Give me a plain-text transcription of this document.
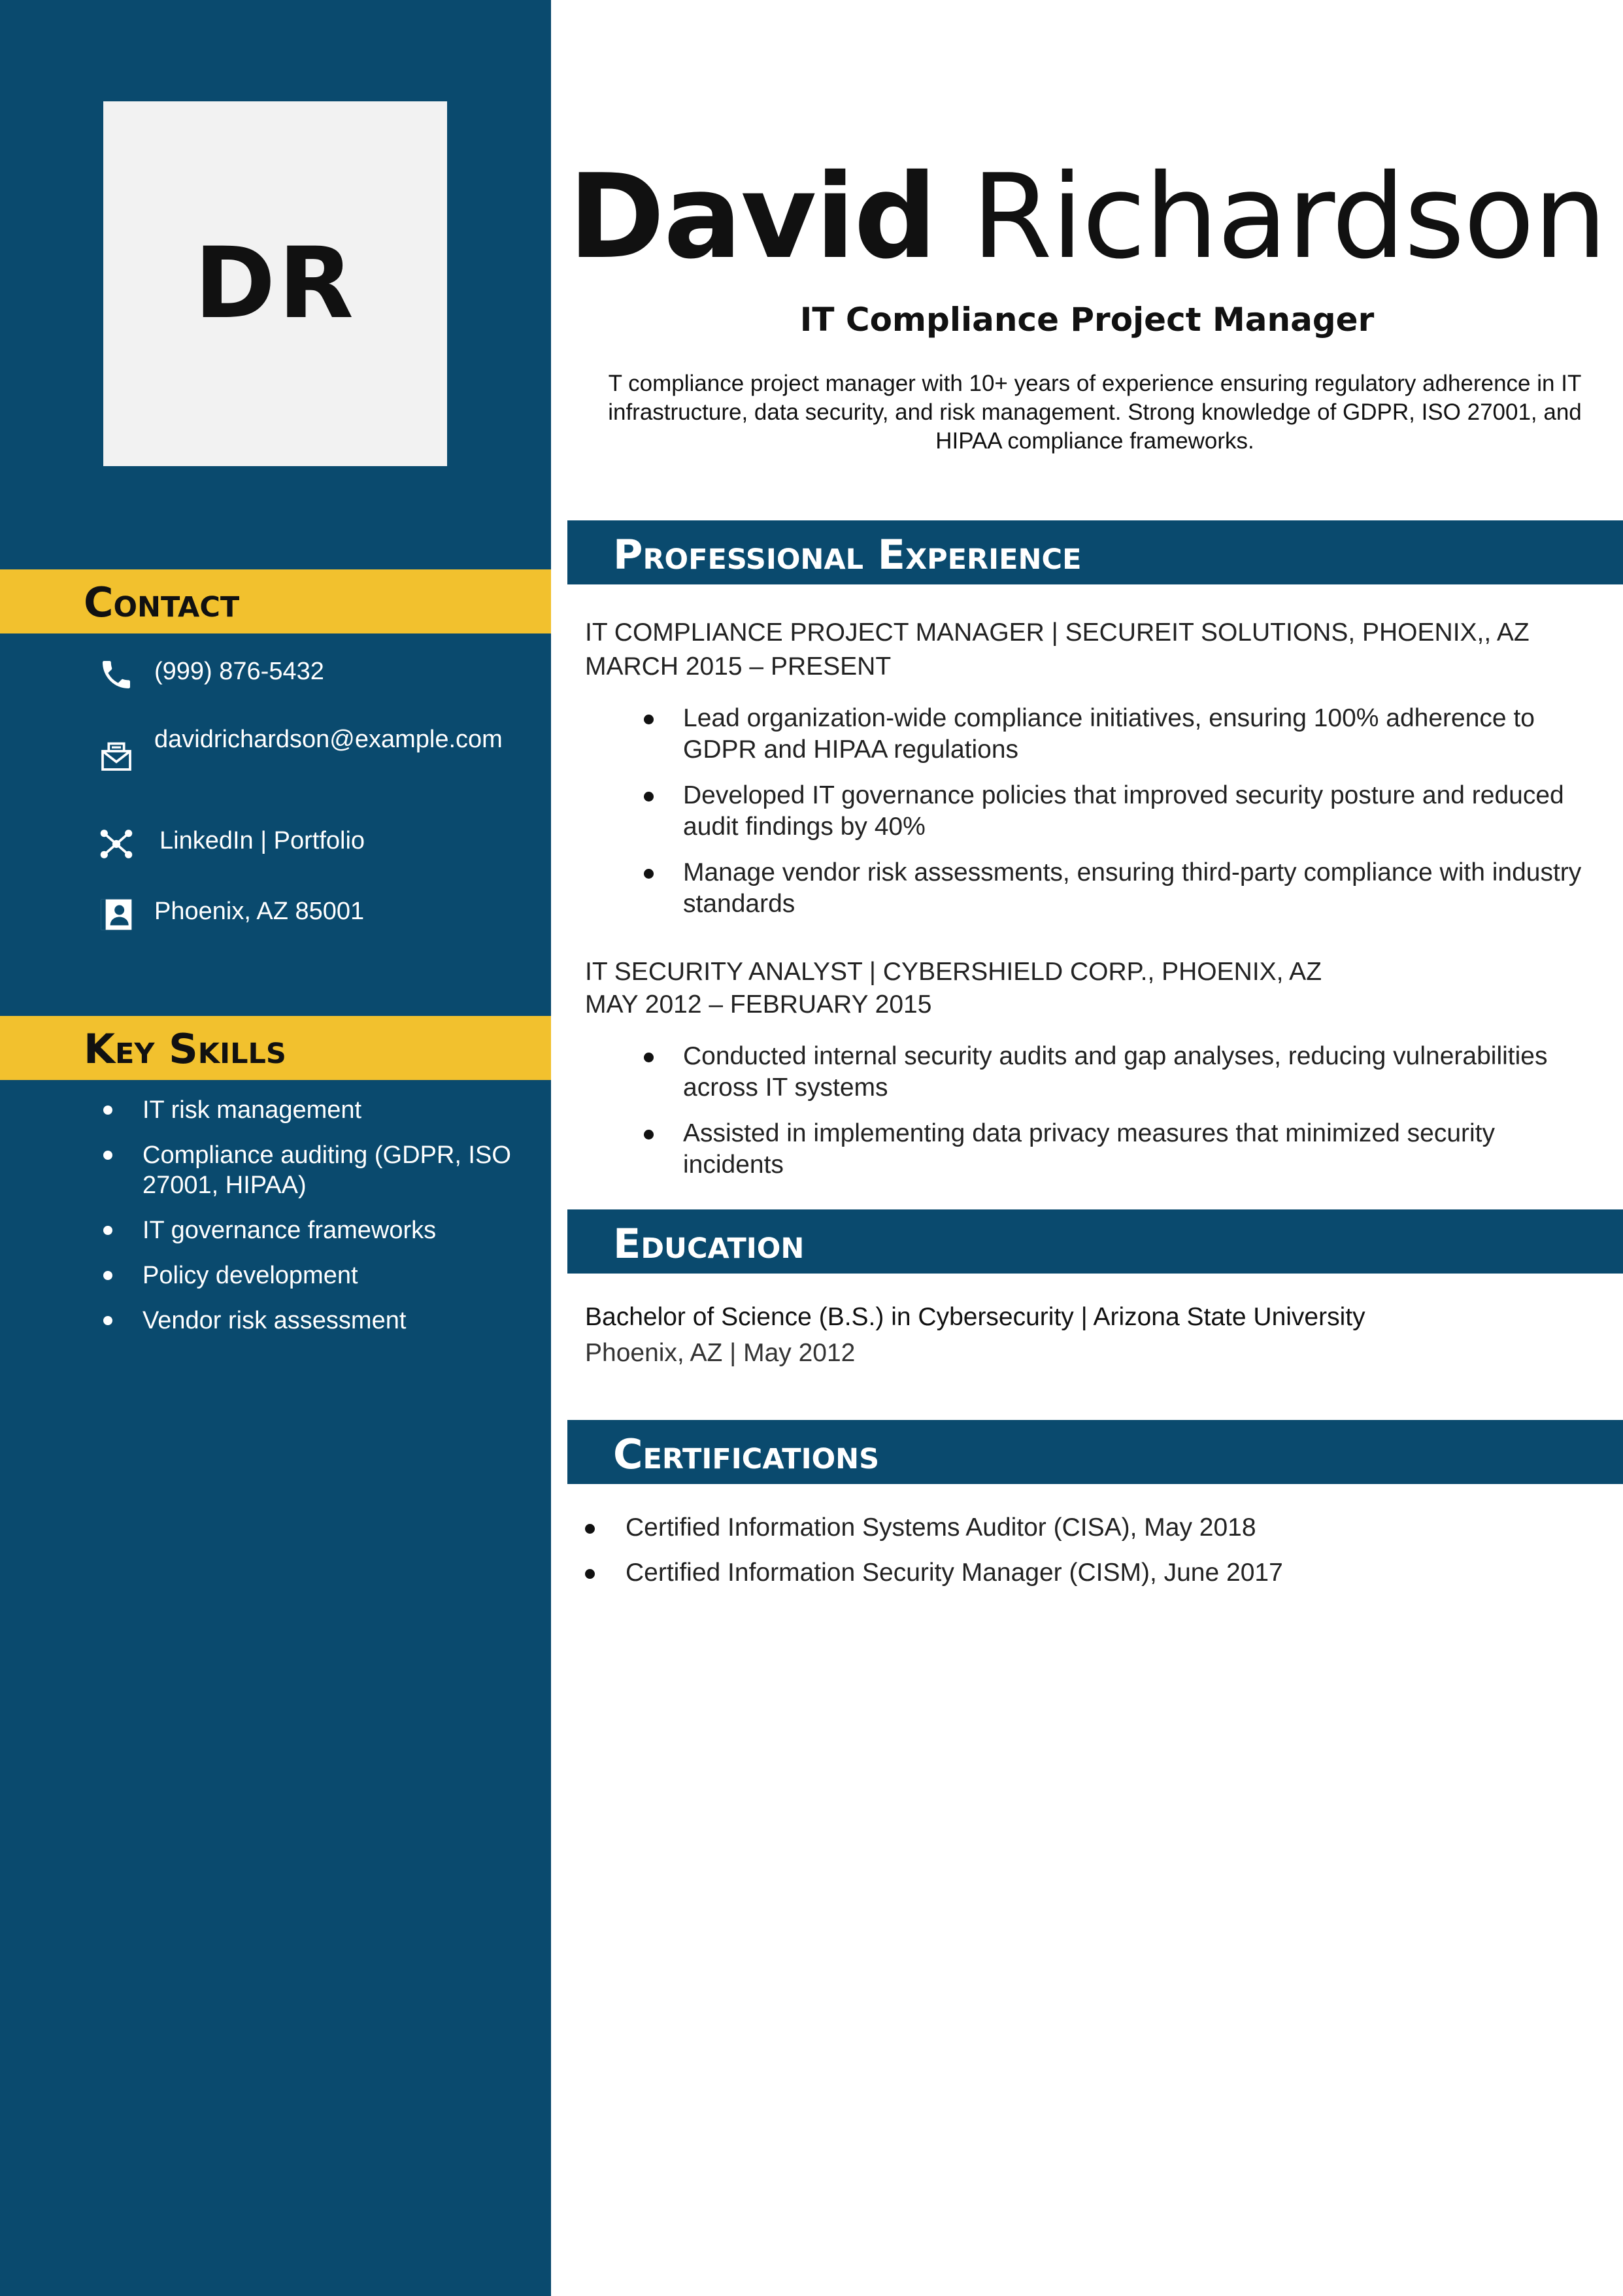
DR
Contact
(999) 876-5432
davidrichardson@example.com
LinkedIn | Portfolio
Phoenix, AZ 85001
Key Skills
IT risk management
Compliance auditing (GDPR, ISO 27001, HIPAA)
IT governance frameworks
Policy development
Vendor risk assessment
David Richardson
IT Compliance Project Manager
T compliance project manager with 10+ years of experience ensuring regulatory adherence in IT infrastructure, data security, and risk management. Strong knowledge of GDPR, ISO 27001, and HIPAA compliance frameworks.
Professional Experience
IT COMPLIANCE PROJECT MANAGER | SECUREIT SOLUTIONS, PHOENIX,, AZ
MARCH 2015 – PRESENT
Lead organization-wide compliance initiatives, ensuring 100% adherence to GDPR and HIPAA regulations
Developed IT governance policies that improved security posture and reduced audit findings by 40%
Manage vendor risk assessments, ensuring third-party compliance with industry standards
IT SECURITY ANALYST | CYBERSHIELD CORP., PHOENIX, AZ
MAY 2012 – FEBRUARY 2015
Conducted internal security audits and gap analyses, reducing vulnerabilities across IT systems
Assisted in implementing data privacy measures that minimized security incidents
Education
Bachelor of Science (B.S.) in Cybersecurity | Arizona State University
Phoenix, AZ | May 2012
Certifications
Certified Information Systems Auditor (CISA), May 2018
Certified Information Security Manager (CISM), June 2017
